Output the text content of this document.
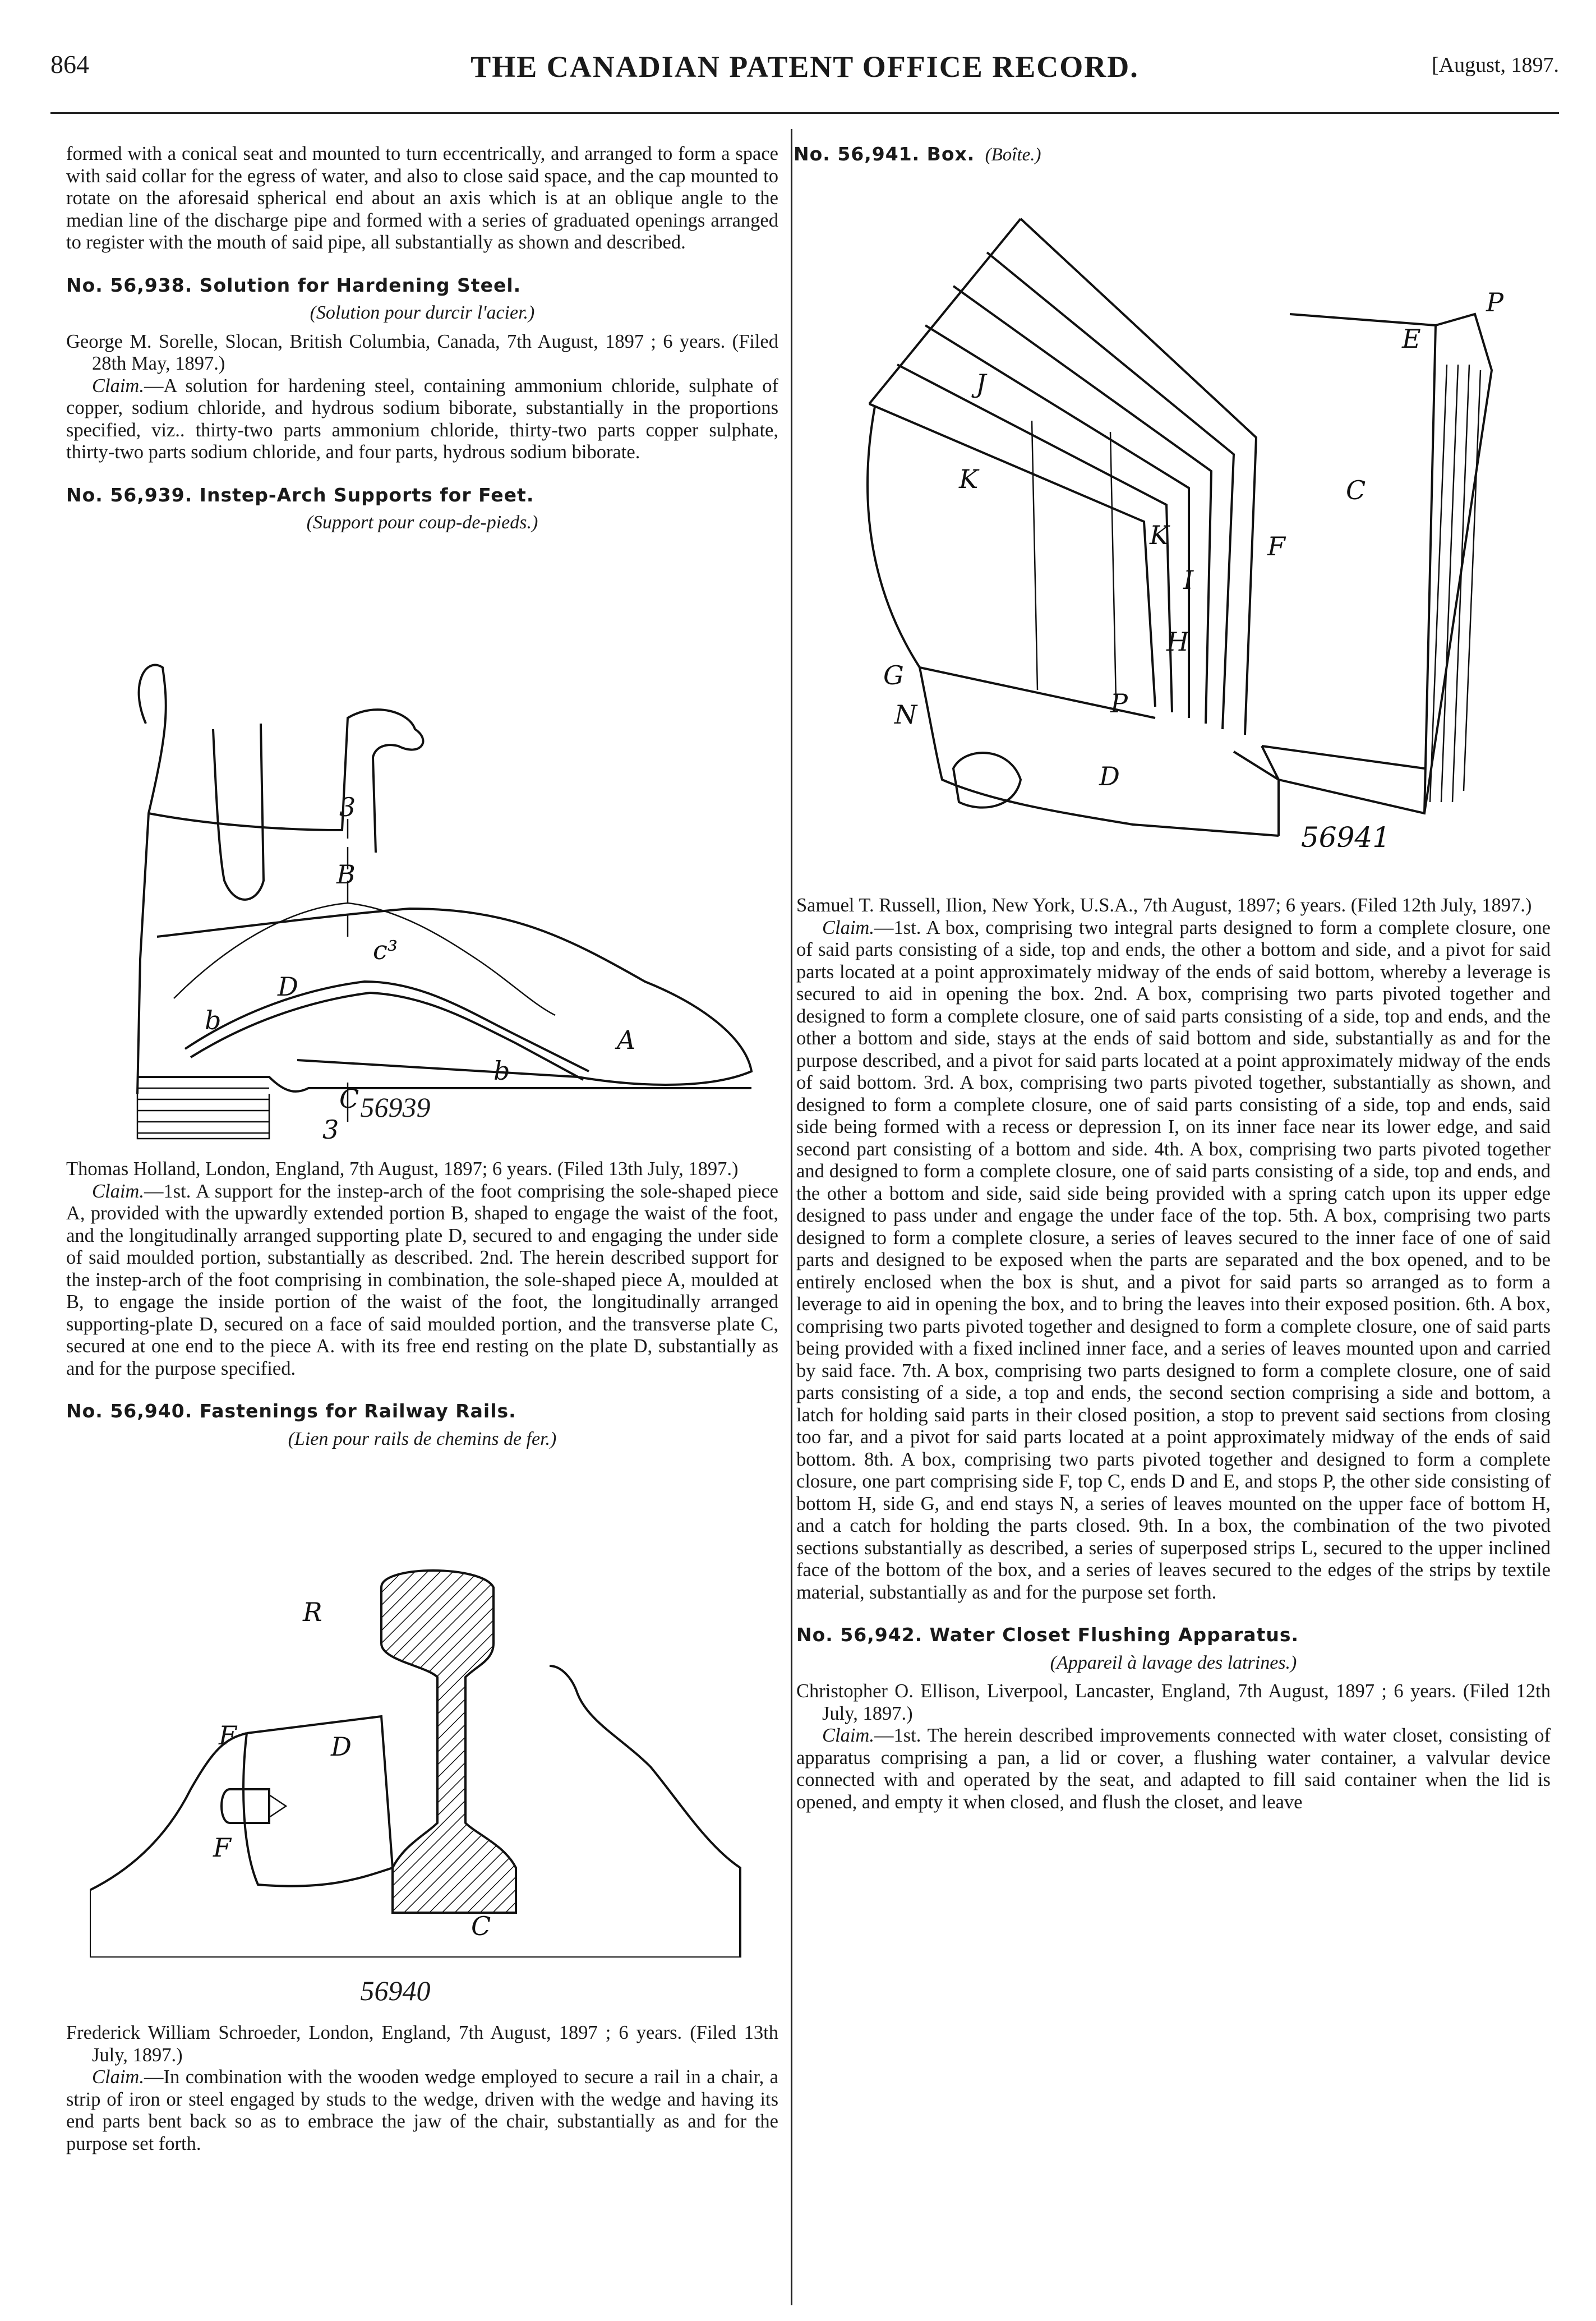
864	THE CANADIAN PATENT OFFICE RECORD.	[August, 1897.

formed with a conical seat and mounted to turn eccentrically, and arranged to form a space with said collar for the egress of water, and also to close said space, and the cap mounted to rotate on the aforesaid spherical end about an axis which is at an oblique angle to the median line of the discharge pipe and formed with a series of graduated openings arranged to register with the mouth of said pipe, all substantially as shown and described.

No. 56,938. Solution for Hardening Steel.

(Solution pour durcir l'acier.)

George M. Sorelle, Slocan, British Columbia, Canada, 7th August, 1897 ; 6 years. (Filed 28th May, 1897.)

Claim.—A solution for hardening steel, containing ammonium chloride, sulphate of copper, sodium chloride, and hydrous sodium biborate, substantially in the proportions specified, viz.. thirty-two parts ammonium chloride, thirty-two parts copper sulphate, thirty-two parts sodium chloride, and four parts, hydrous sodium biborate.

No. 56,939. Instep-Arch Supports for Feet.

(Support pour coup-de-pieds.)

B
D
c³
C
A
b
b
3
3
56939

Thomas Holland, London, England, 7th August, 1897; 6 years. (Filed 13th July, 1897.)

Claim.—1st. A support for the instep-arch of the foot comprising the sole-shaped piece A, provided with the upwardly extended portion B, shaped to engage the waist of the foot, and the longitudinally arranged supporting plate D, secured to and engaging the under side of said moulded portion, substantially as described. 2nd. The herein described support for the instep-arch of the foot comprising in combination, the sole-shaped piece A, moulded at B, to engage the inside portion of the waist of the foot, the longitudinally arranged supporting-plate D, secured on a face of said moulded portion, and the transverse plate C, secured at one end to the piece A. with its free end resting on the plate D, substantially as and for the purpose specified.

No. 56,940. Fastenings for Railway Rails.

(Lien pour rails de chemins de fer.)

R
F	D
F
C
56940

Frederick William Schroeder, London, England, 7th August, 1897 ; 6 years. (Filed 13th July, 1897.)

Claim.—In combination with the wooden wedge employed to secure a rail in a chair, a strip of iron or steel engaged by studs to the wedge, driven with the wedge and having its end parts bent back so as to embrace the jaw of the chair, substantially as and for the purpose set forth.

No. 56,941. Box. (Boîte.)
P
E
J
K
K
C
F
I
H
G
N	P
D
56941

Samuel T. Russell, Ilion, New York, U.S.A., 7th August, 1897; 6 years. (Filed 12th July, 1897.)

Claim.—1st. A box, comprising two integral parts designed to form a complete closure, one of said parts consisting of a side, top and ends, the other a bottom and side, and a pivot for said parts located at a point approximately midway of the ends of said bottom, whereby a leverage is secured to aid in opening the box. 2nd. A box, comprising two parts pivoted together and designed to form a complete closure, one of said parts consisting of a side, top and ends, and the other a bottom and side, stays at the ends of said bottom and side, substantially as and for the purpose described, and a pivot for said parts located at a point approximately midway of the ends of said bottom. 3rd. A box, comprising two parts pivoted together, substantially as shown, and designed to form a complete closure, one of said parts consisting of a side, top and ends, said side being formed with a recess or depression I, on its inner face near its lower edge, and said second part consisting of a bottom and side. 4th. A box, comprising two parts pivoted together and designed to form a complete closure, one of said parts consisting of a side, top and ends, and the other a bottom and side, said side being provided with a spring catch upon its upper edge designed to pass under and engage the under face of the top. 5th. A box, comprising two parts designed to form a complete closure, a series of leaves secured to the inner face of one of said parts and designed to be exposed when the parts are separated and the box opened, and to be entirely enclosed when the box is shut, and a pivot for said parts so arranged as to form a leverage to aid in opening the box, and to bring the leaves into their exposed position. 6th. A box, comprising two parts pivoted together and designed to form a complete closure, one of said parts being provided with a fixed inclined inner face, and a series of leaves mounted upon and carried by said face. 7th. A box, comprising two parts designed to form a complete closure, one of said parts consisting of a side, a top and ends, the second section comprising a side and bottom, a latch for holding said parts in their closed position, a stop to prevent said sections from closing too far, and a pivot for said parts located at a point approximately midway of the ends of said bottom. 8th. A box, comprising two parts pivoted together and designed to form a complete closure, one part comprising side F, top C, ends D and E, and stops P, the other side consisting of bottom H, side G, and end stays N, a series of leaves mounted on the upper face of bottom H, and a catch for holding the parts closed. 9th. In a box, the combination of the two pivoted sections substantially as described, a series of superposed strips L, secured to the upper inclined face of the bottom of the box, and a series of leaves secured to the edges of the strips by textile material, substantially as and for the purpose set forth.

No. 56,942. Water Closet Flushing Apparatus.

(Appareil à lavage des latrines.)

Christopher O. Ellison, Liverpool, Lancaster, England, 7th August, 1897 ; 6 years. (Filed 12th July, 1897.)

Claim.—1st. The herein described improvements connected with water closet, consisting of apparatus comprising a pan, a lid or cover, a flushing water container, a valvular device connected with and operated by the seat, and adapted to fill said container when the lid is opened, and empty it when closed, and flush the closet, and leave
